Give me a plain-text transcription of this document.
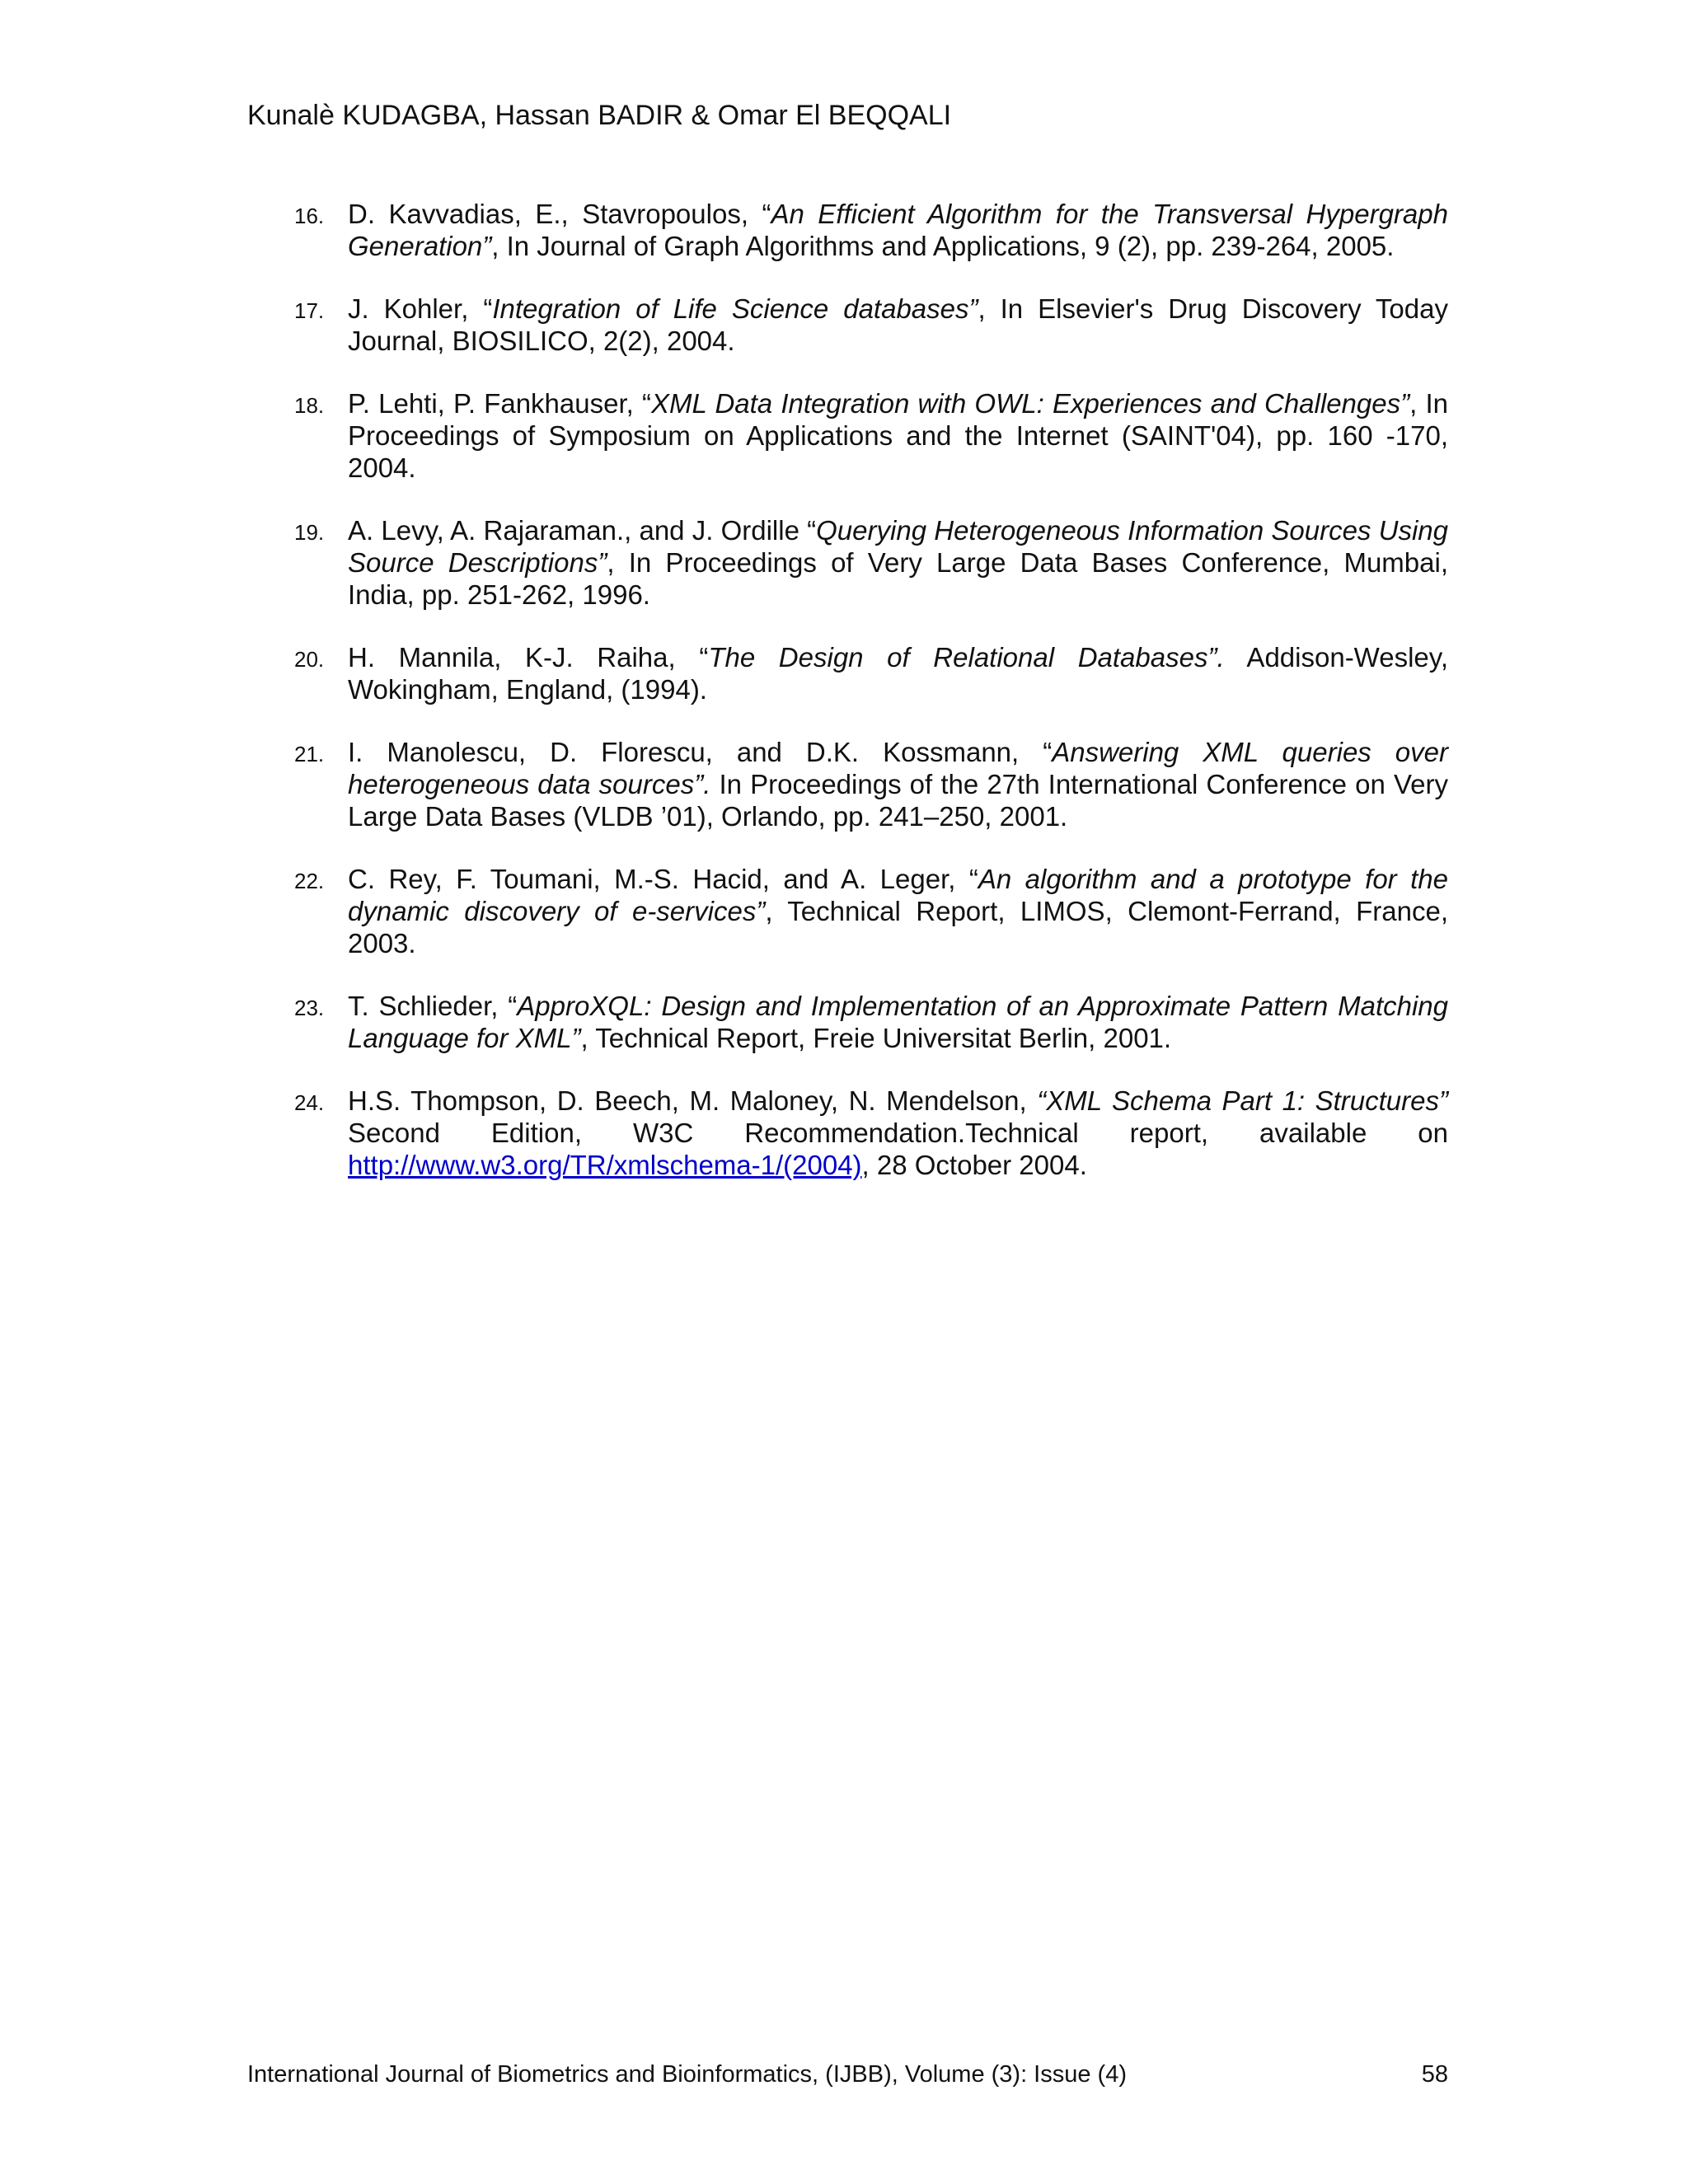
Kunalè KUDAGBA, Hassan BADIR & Omar El BEQQALI
16. D. Kavvadias, E., Stavropoulos, “An Efficient Algorithm for the Transversal Hypergraph Generation”, In Journal of Graph Algorithms and Applications, 9 (2), pp. 239-264, 2005.
17. J. Kohler, “Integration of Life Science databases”, In Elsevier's Drug Discovery Today Journal, BIOSILICO, 2(2), 2004.
18. P. Lehti, P. Fankhauser, “XML Data Integration with OWL: Experiences and Challenges”, In Proceedings of Symposium on Applications and the Internet (SAINT'04), pp. 160 -170, 2004.
19. A. Levy, A. Rajaraman., and J. Ordille “Querying Heterogeneous Information Sources Using Source Descriptions”, In Proceedings of Very Large Data Bases Conference, Mumbai, India, pp. 251-262, 1996.
20. H. Mannila, K-J. Raiha, “The Design of Relational Databases”. Addison-Wesley, Wokingham, England, (1994).
21. I. Manolescu, D. Florescu, and D.K. Kossmann, “Answering XML queries over heterogeneous data sources”. In Proceedings of the 27th International Conference on Very Large Data Bases (VLDB ’01), Orlando, pp. 241–250, 2001.
22. C. Rey, F. Toumani, M.-S. Hacid, and A. Leger, “An algorithm and a prototype for the dynamic discovery of e-services”, Technical Report, LIMOS, Clemont-Ferrand, France, 2003.
23. T. Schlieder, “ApproXQL: Design and Implementation of an Approximate Pattern Matching Language for XML”, Technical Report, Freie Universitat Berlin, 2001.
24. H.S. Thompson, D. Beech, M. Maloney, N. Mendelson, “XML Schema Part 1: Structures” Second Edition, W3C Recommendation.Technical report, available on http://www.w3.org/TR/xmlschema-1/(2004), 28 October 2004.
International Journal of Biometrics and Bioinformatics, (IJBB), Volume (3): Issue (4)	58
